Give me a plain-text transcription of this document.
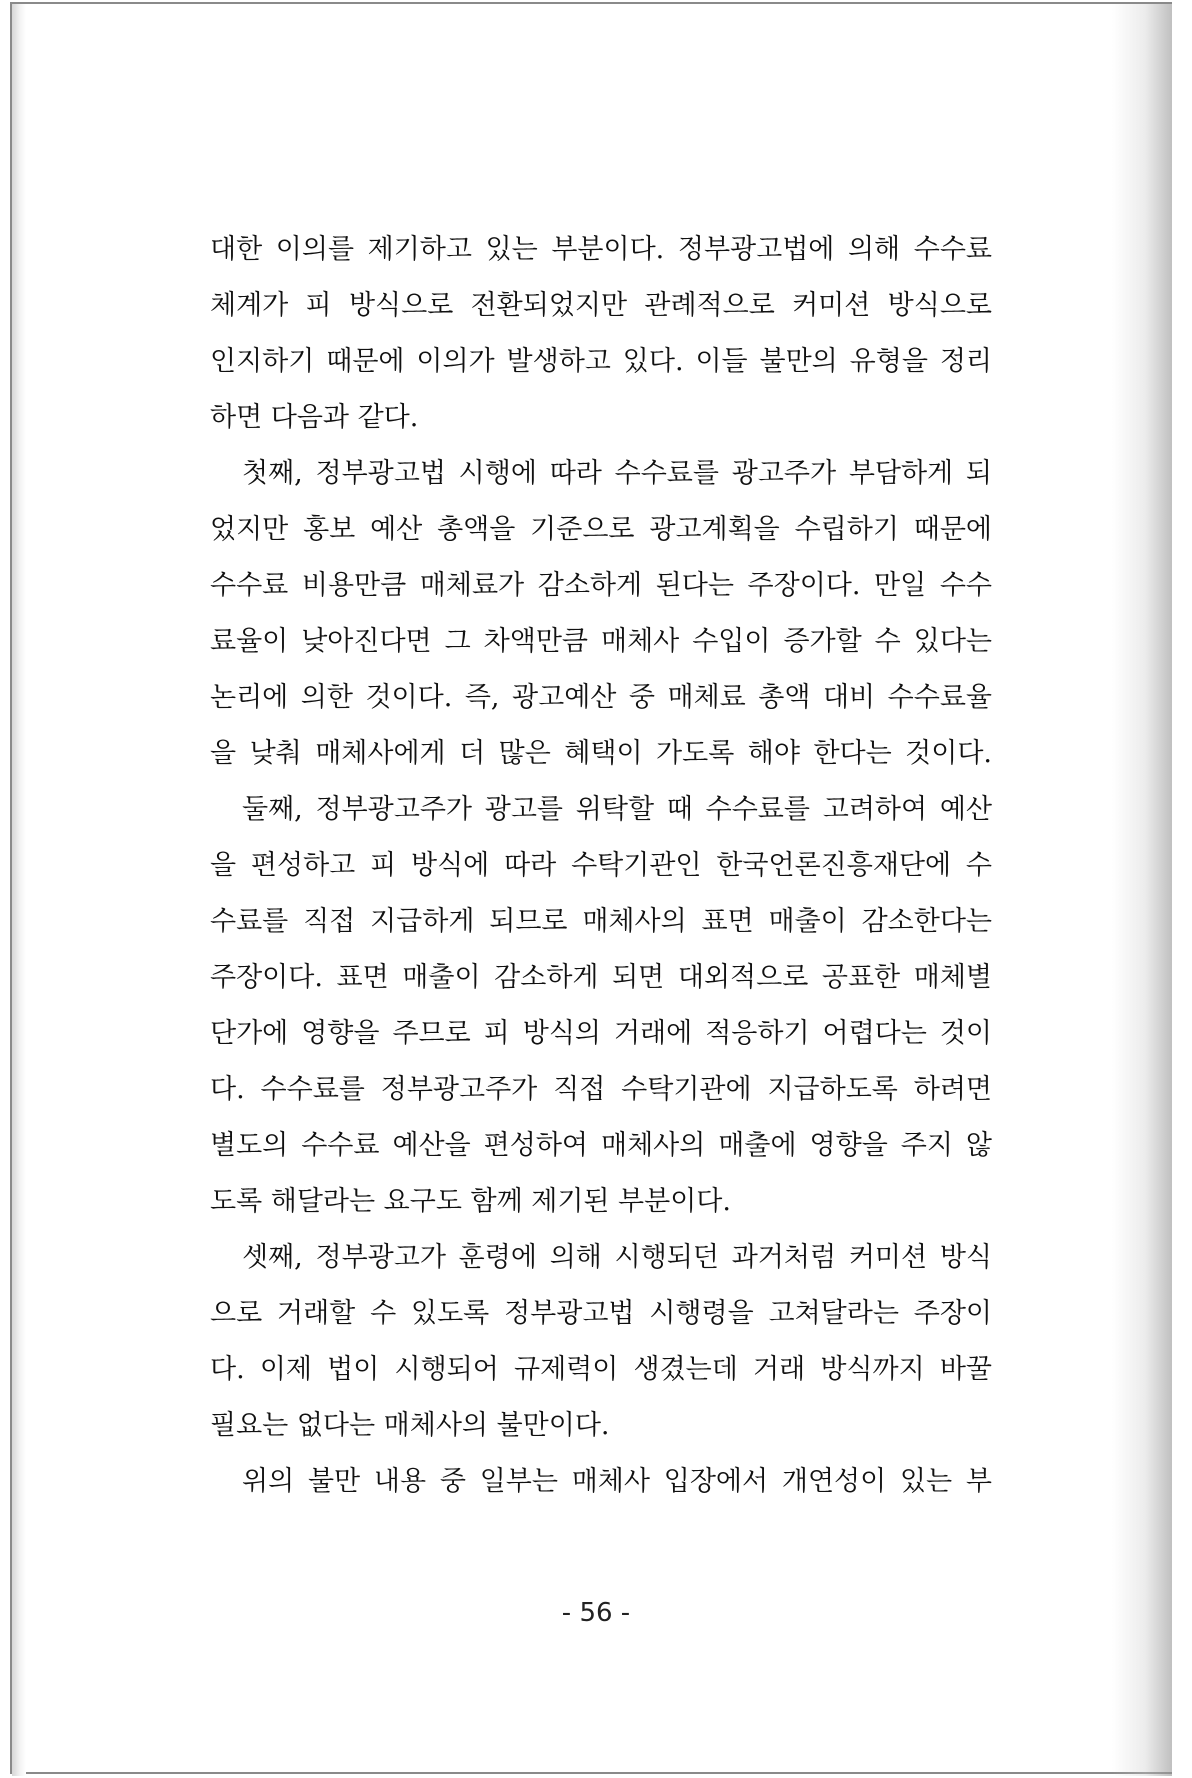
대한 이의를 제기하고 있는 부분이다. 정부광고법에 의해 수수료
체계가 피 방식으로 전환되었지만 관례적으로 커미션 방식으로
인지하기 때문에 이의가 발생하고 있다. 이들 불만의 유형을 정리
하면 다음과 같다.
첫째, 정부광고법 시행에 따라 수수료를 광고주가 부담하게 되
었지만 홍보 예산 총액을 기준으로 광고계획을 수립하기 때문에
수수료 비용만큼 매체료가 감소하게 된다는 주장이다. 만일 수수
료율이 낮아진다면 그 차액만큼 매체사 수입이 증가할 수 있다는
논리에 의한 것이다. 즉, 광고예산 중 매체료 총액 대비 수수료율
을 낮춰 매체사에게 더 많은 혜택이 가도록 해야 한다는 것이다.
둘째, 정부광고주가 광고를 위탁할 때 수수료를 고려하여 예산
을 편성하고 피 방식에 따라 수탁기관인 한국언론진흥재단에 수
수료를 직접 지급하게 되므로 매체사의 표면 매출이 감소한다는
주장이다. 표면 매출이 감소하게 되면 대외적으로 공표한 매체별
단가에 영향을 주므로 피 방식의 거래에 적응하기 어렵다는 것이
다. 수수료를 정부광고주가 직접 수탁기관에 지급하도록 하려면
별도의 수수료 예산을 편성하여 매체사의 매출에 영향을 주지 않
도록 해달라는 요구도 함께 제기된 부분이다.
셋째, 정부광고가 훈령에 의해 시행되던 과거처럼 커미션 방식
으로 거래할 수 있도록 정부광고법 시행령을 고쳐달라는 주장이
다. 이제 법이 시행되어 규제력이 생겼는데 거래 방식까지 바꿀
필요는 없다는 매체사의 불만이다.
위의 불만 내용 중 일부는 매체사 입장에서 개연성이 있는 부
- 56 -
